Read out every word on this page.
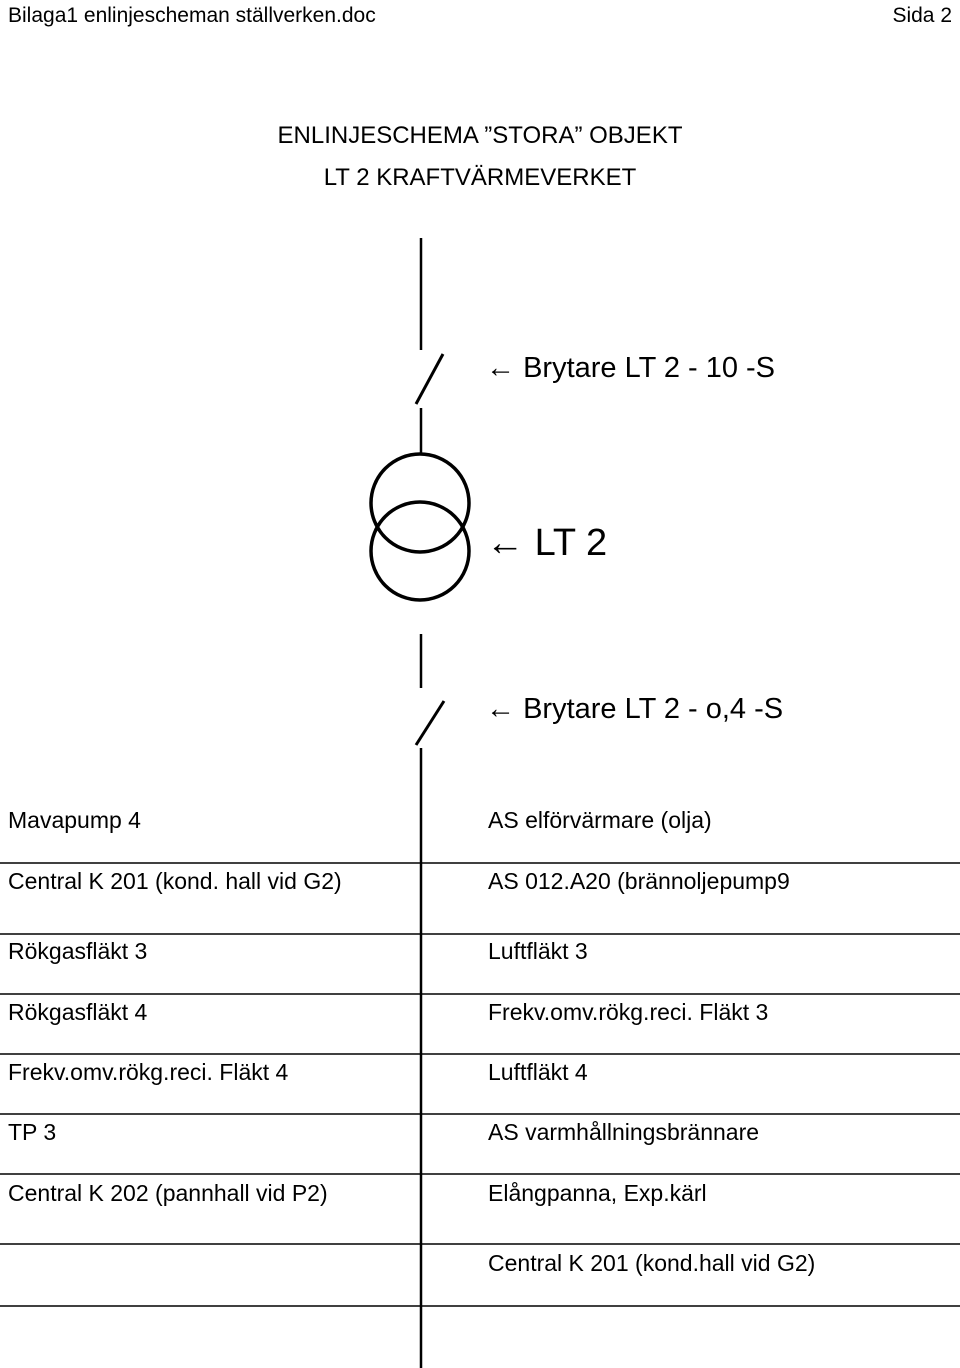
Bilaga1 enlinjescheman ställverken.doc	Sida 2
ENLINJESCHEMA ”STORA” OBJEKT
LT 2 KRAFTVÄRMEVERKET
← Brytare LT 2 - 10 -S
← LT 2
← Brytare LT 2 - o,4 -S
Mavapump 4
Central K 201 (kond. hall vid G2)
Rökgasfläkt 3
Rökgasfläkt 4
Frekv.omv.rökg.reci. Fläkt 4
TP 3
Central K 202 (pannhall vid P2)
AS elförvärmare (olja)
AS 012.A20 (brännoljepump9
Luftfläkt 3
Frekv.omv.rökg.reci. Fläkt 3
Luftfläkt 4
AS varmhållningsbrännare
Elångpanna, Exp.kärl
Central K 201 (kond.hall vid G2)
